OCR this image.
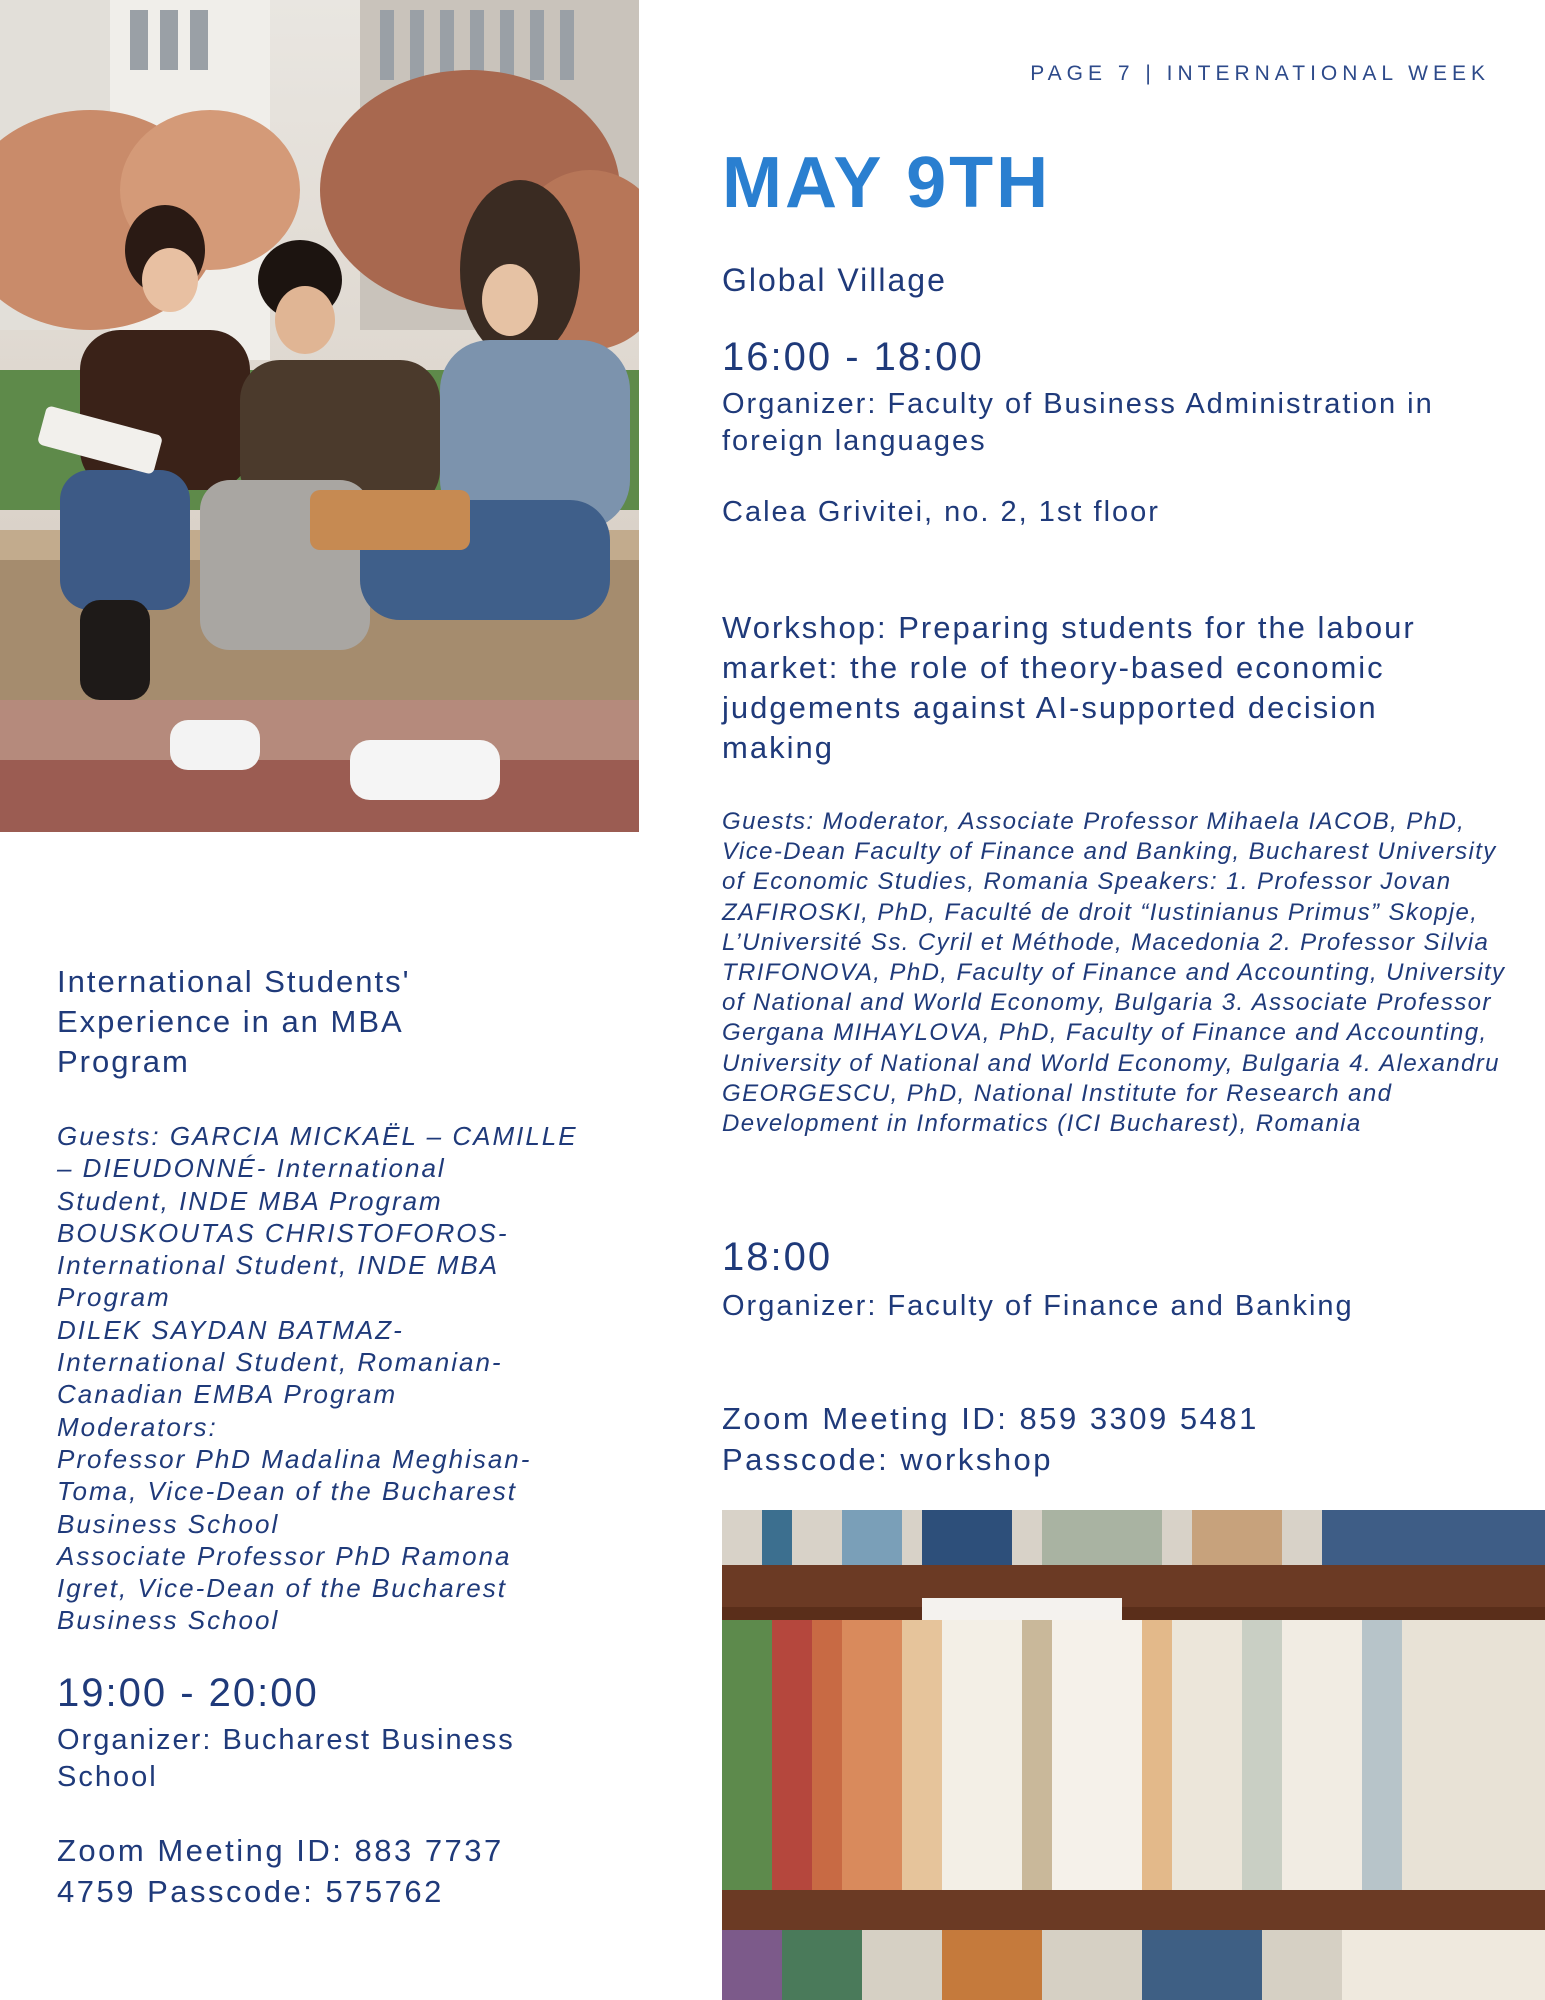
PAGE 7 | INTERNATIONAL WEEK
MAY 9TH
Global Village
16:00 - 18:00
Organizer: Faculty of Business Administration in foreign languages
Calea Grivitei, no. 2, 1st floor
Workshop: Preparing students for the labour market: the role of theory-based economic judgements against AI-supported decision making
Guests: Moderator, Associate Professor Mihaela IACOB, PhD, Vice-Dean Faculty of Finance and Banking, Bucharest University of Economic Studies, Romania Speakers: 1. Professor Jovan ZAFIROSKI, PhD, Faculté de droit “Iustinianus Primus” Skopje, L’Université Ss. Cyril et Méthode, Macedonia 2. Professor Silvia TRIFONOVA, PhD, Faculty of Finance and Accounting, University of National and World Economy, Bulgaria 3. Associate Professor Gergana MIHAYLOVA, PhD, Faculty of Finance and Accounting, University of National and World Economy, Bulgaria 4. Alexandru GEORGESCU, PhD, National Institute for Research and Development in Informatics (ICI Bucharest), Romania
18:00
Organizer: Faculty of Finance and Banking
Zoom Meeting ID: 859 3309 5481
Passcode: workshop
International Students' Experience in an MBA Program
Guests: GARCIA MICKAËL – CAMILLE
– DIEUDONNÉ- International
Student, INDE MBA Program
BOUSKOUTAS CHRISTOFOROS-
International Student, INDE MBA
Program
DILEK SAYDAN BATMAZ-
International Student, Romanian-
Canadian EMBA Program
Moderators:
Professor PhD Madalina Meghisan-
Toma, Vice-Dean of the Bucharest
Business School
Associate Professor PhD Ramona
Igret, Vice-Dean of the Bucharest
Business School
19:00 - 20:00
Organizer: Bucharest Business School
Zoom Meeting ID: 883 7737 4759 Passcode: 575762
